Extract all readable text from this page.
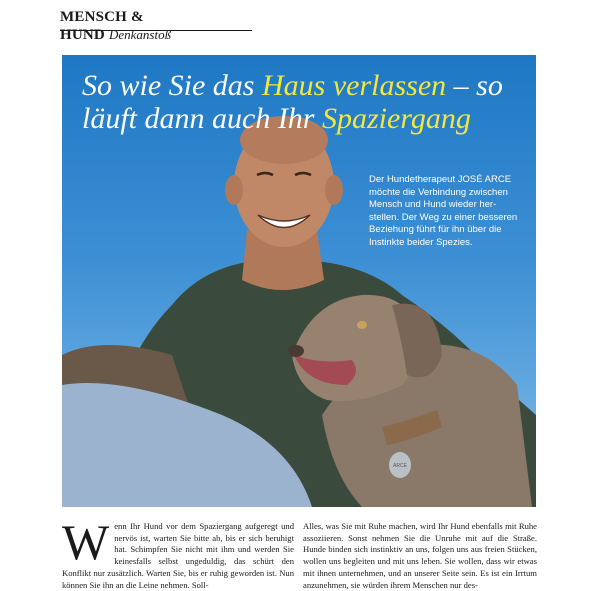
MENSCH & HUND Denkanstoß
ARCE
So wie Sie das Haus verlassen – so läuft dann auch Ihr Spaziergang
Der Hundetherapeut JOSÉ ARCE möchte die Verbindung zwischen Mensch und Hund wieder her-stellen. Der Weg zu einer besseren Beziehung führt für ihn über die Instinkte beider Spezies.
Wenn Ihr Hund vor dem Spaziergang aufgeregt und nervös ist, warten Sie bitte ab, bis er sich beruhigt hat. Schimpfen Sie nicht mit ihm und werden Sie keinesfalls selbst ungeduldig, das schürt den Konflikt nur zusätzlich. Warten Sie, bis er ruhig geworden ist. Nun können Sie ihn an die Leine nehmen. Soll-
Alles, was Sie mit Ruhe machen, wird Ihr Hund ebenfalls mit Ruhe assoziieren. Sonst nehmen Sie die Unruhe mit auf die Straße. Hunde binden sich instinktiv an uns, folgen uns aus freien Stücken, wollen uns begleiten und mit uns leben. Sie wollen, dass wir etwas mit ihnen unternehmen, und an unserer Seite sein. Es ist ein Irrtum anzunehmen, sie würden ihrem Menschen nur des-
